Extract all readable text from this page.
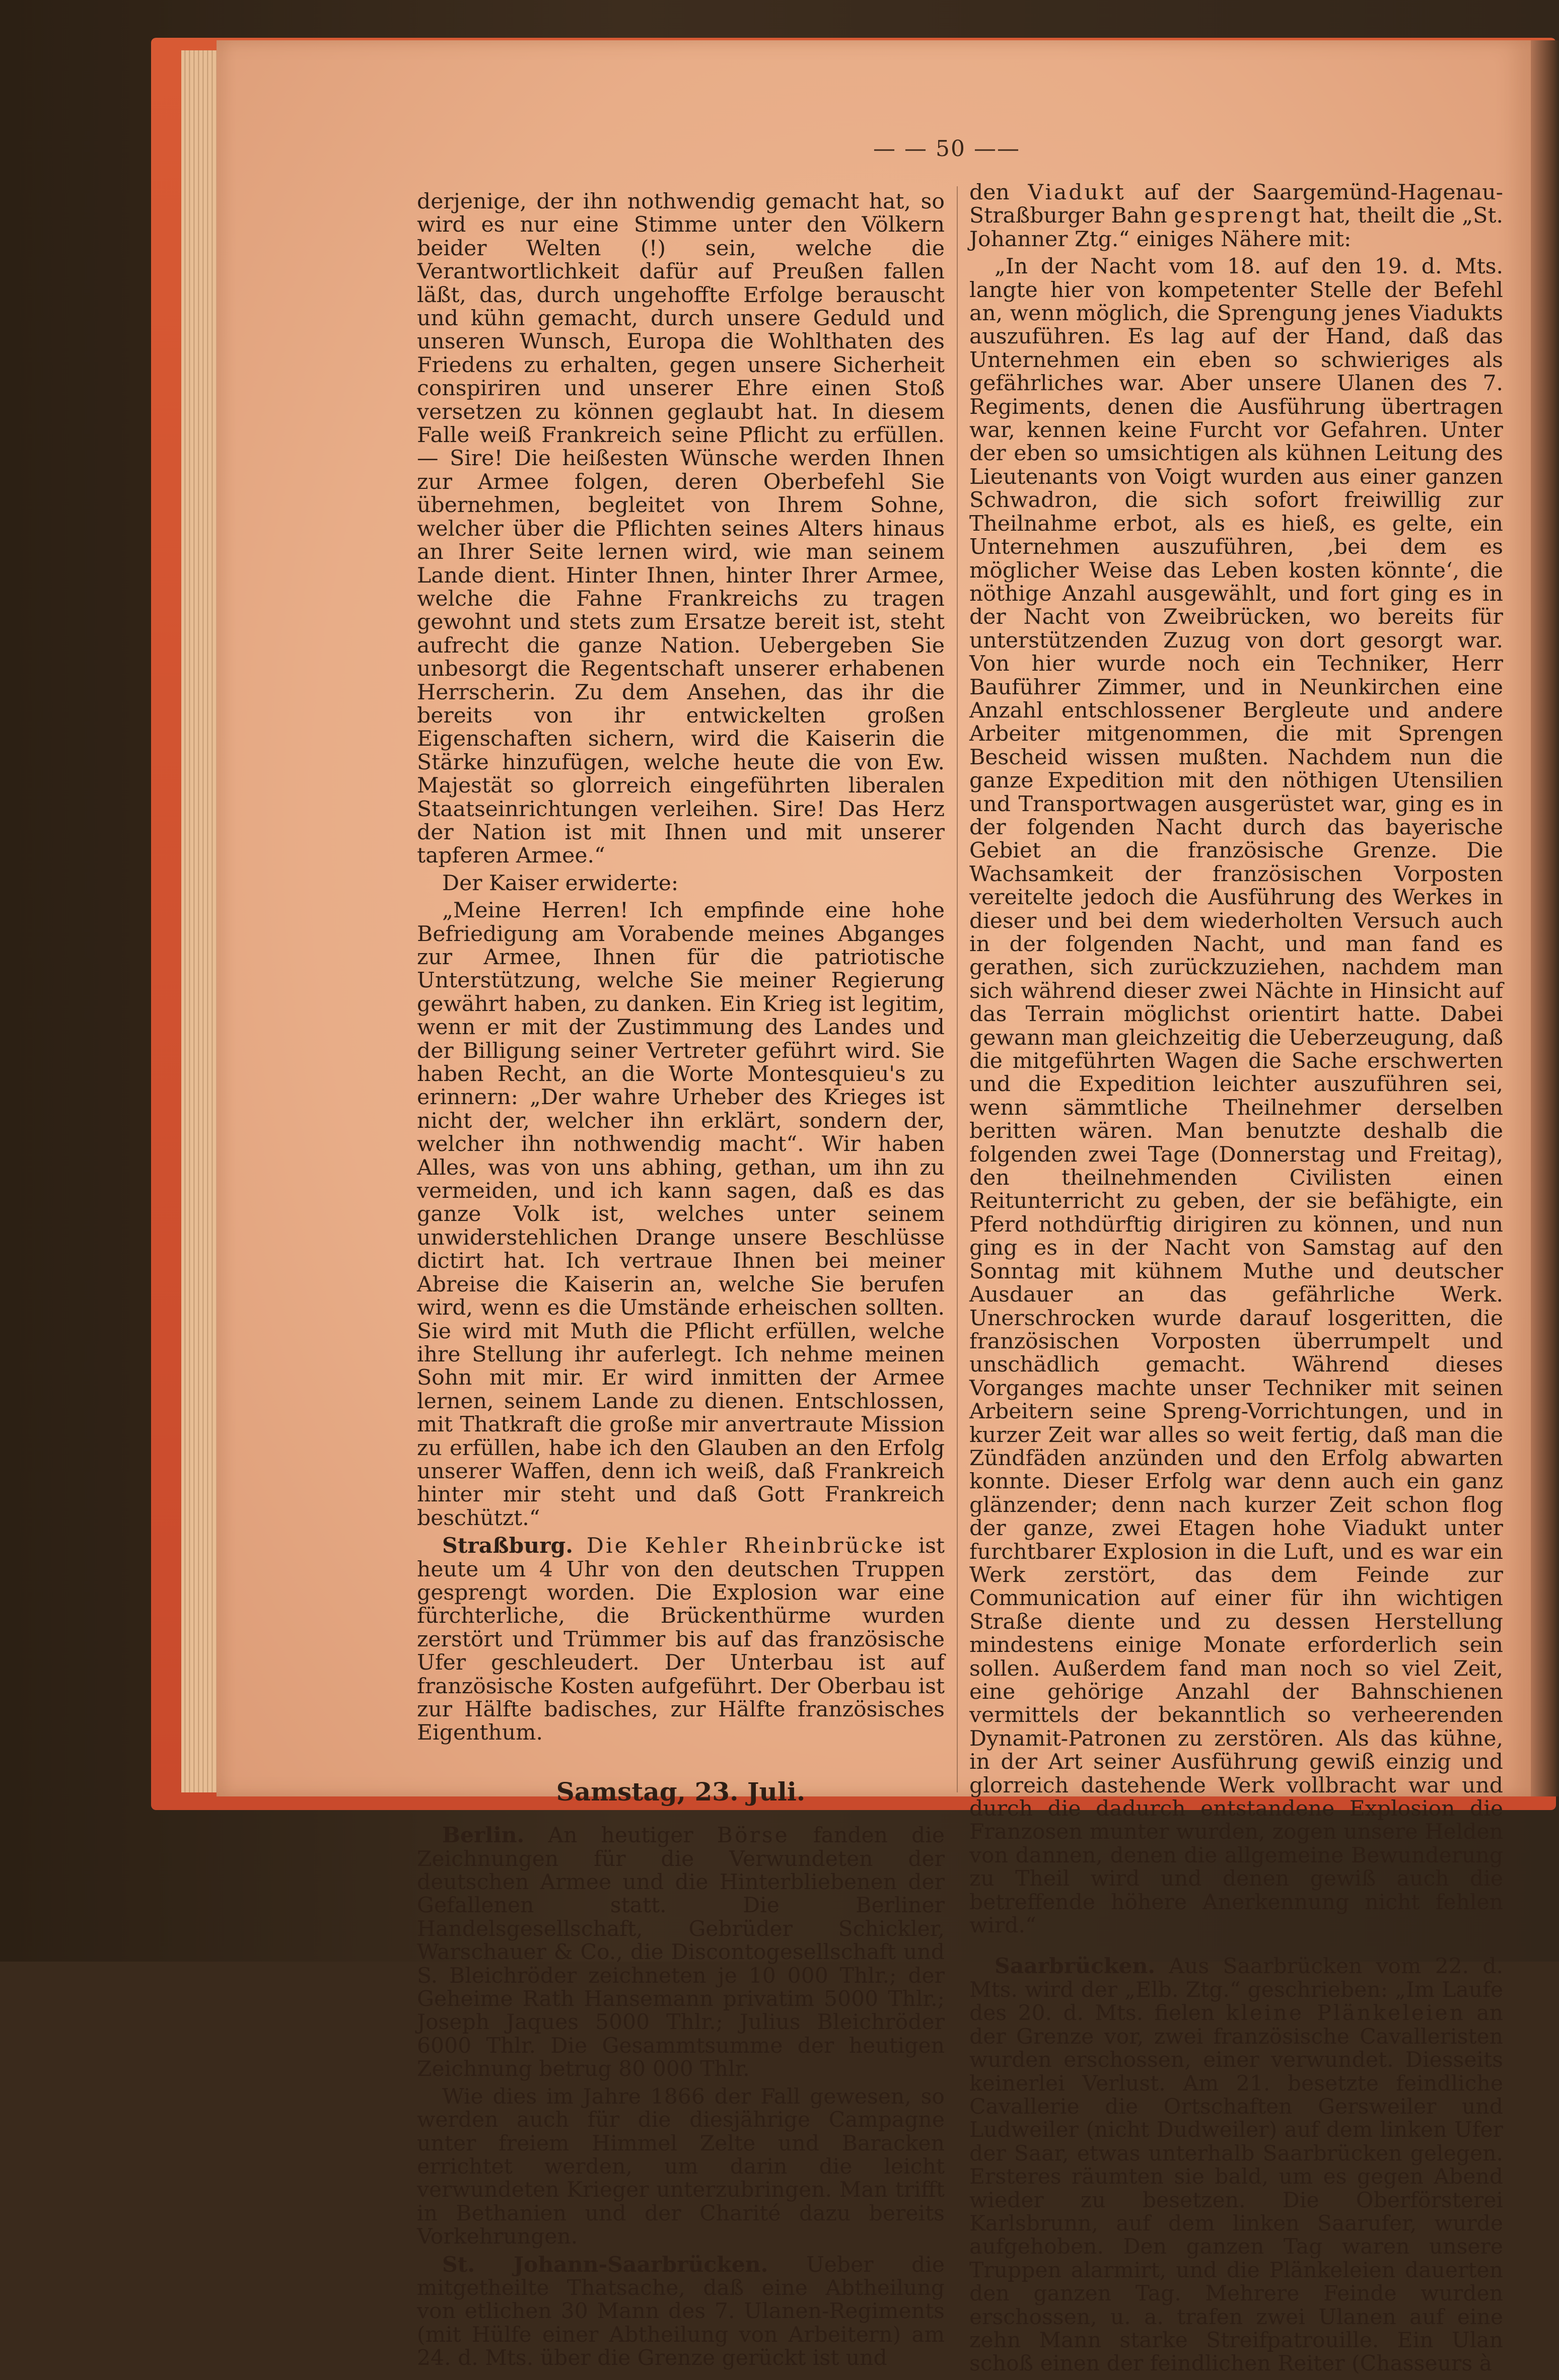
— — 50 ——

derjenige, der ihn nothwendig gemacht hat, so wird es nur eine Stimme unter den Völkern beider Welten (!) sein, welche die Verantwortlichkeit dafür auf Preußen fallen läßt, das, durch ungehoffte Erfolge berauscht und kühn gemacht, durch unsere Geduld und unseren Wunsch, Europa die Wohlthaten des Friedens zu erhalten, gegen unsere Sicherheit conspiriren und unserer Ehre einen Stoß versetzen zu können geglaubt hat. In diesem Falle weiß Frankreich seine Pflicht zu erfüllen. — Sire! Die heißesten Wünsche werden Ihnen zur Armee folgen, deren Oberbefehl Sie übernehmen, begleitet von Ihrem Sohne, welcher über die Pflichten seines Alters hinaus an Ihrer Seite lernen wird, wie man seinem Lande dient. Hinter Ihnen, hinter Ihrer Armee, welche die Fahne Frankreichs zu tragen gewohnt und stets zum Ersatze bereit ist, steht aufrecht die ganze Nation. Uebergeben Sie unbesorgt die Regentschaft unserer erhabenen Herrscherin. Zu dem Ansehen, das ihr die bereits von ihr entwickelten großen Eigenschaften sichern, wird die Kaiserin die Stärke hinzufügen, welche heute die von Ew. Majestät so glorreich eingeführten liberalen Staatseinrichtungen verleihen. Sire! Das Herz der Nation ist mit Ihnen und mit unserer tapferen Armee.“

Der Kaiser erwiderte:

„Meine Herren! Ich empfinde eine hohe Befriedigung am Vorabende meines Abganges zur Armee, Ihnen für die patriotische Unterstützung, welche Sie meiner Regierung gewährt haben, zu danken. Ein Krieg ist legitim, wenn er mit der Zustimmung des Landes und der Billigung seiner Vertreter geführt wird. Sie haben Recht, an die Worte Montesquieu's zu erinnern: „Der wahre Urheber des Krieges ist nicht der, welcher ihn erklärt, sondern der, welcher ihn nothwendig macht“. Wir haben Alles, was von uns abhing, gethan, um ihn zu vermeiden, und ich kann sagen, daß es das ganze Volk ist, welches unter seinem unwiderstehlichen Drange unsere Beschlüsse dictirt hat. Ich vertraue Ihnen bei meiner Abreise die Kaiserin an, welche Sie berufen wird, wenn es die Umstände erheischen sollten. Sie wird mit Muth die Pflicht erfüllen, welche ihre Stellung ihr auferlegt. Ich nehme meinen Sohn mit mir. Er wird inmitten der Armee lernen, seinem Lande zu dienen. Entschlossen, mit Thatkraft die große mir anvertraute Mission zu erfüllen, habe ich den Glauben an den Erfolg unserer Waffen, denn ich weiß, daß Frankreich hinter mir steht und daß Gott Frankreich beschützt.“

Straßburg. Die Kehler Rheinbrücke ist heute um 4 Uhr von den deutschen Truppen gesprengt worden. Die Explosion war eine fürchterliche, die Brückenthürme wurden zerstört und Trümmer bis auf das französische Ufer geschleudert. Der Unterbau ist auf französische Kosten aufgeführt. Der Oberbau ist zur Hälfte badisches, zur Hälfte französisches Eigenthum.

Samstag, 23. Juli.

Berlin. An heutiger Börse fanden die Zeichnungen für die Verwundeten der deutschen Armee und die Hinterbliebenen der Gefallenen statt. Die Berliner Handelsgesellschaft, Gebrüder Schickler, Warschauer & Co., die Discontogesellschaft und S. Bleichröder zeichneten je 10 000 Thlr.; der Geheime Rath Hansemann privatim 5000 Thlr.; Joseph Jaques 5000 Thlr.; Julius Bleichröder 6000 Thlr. Die Gesammtsumme der heutigen Zeichnung betrug 80 000 Thlr.

Wie dies im Jahre 1866 der Fall gewesen, so werden auch für die diesjährige Campagne unter freiem Himmel Zelte und Baracken errichtet werden, um darin die leicht verwundeten Krieger unterzubringen. Man trifft in Bethanien und der Charité dazu bereits Vorkehrungen.

St. Johann-Saarbrücken. Ueber die mitgetheilte Thatsache, daß eine Abtheilung von etlichen 30 Mann des 7. Ulanen-Regiments (mit Hülfe einer Abtheilung von Arbeitern) am 24. d. Mts. über die Grenze gerückt ist und

den Viadukt auf der Saargemünd-Hagenau-Straßburger Bahn gesprengt hat, theilt die „St. Johanner Ztg.“ einiges Nähere mit:

„In der Nacht vom 18. auf den 19. d. Mts. langte hier von kompetenter Stelle der Befehl an, wenn möglich, die Sprengung jenes Viadukts auszuführen. Es lag auf der Hand, daß das Unternehmen ein eben so schwieriges als gefährliches war. Aber unsere Ulanen des 7. Regiments, denen die Ausführung übertragen war, kennen keine Furcht vor Gefahren. Unter der eben so umsichtigen als kühnen Leitung des Lieutenants von Voigt wurden aus einer ganzen Schwadron, die sich sofort freiwillig zur Theilnahme erbot, als es hieß, es gelte, ein Unternehmen auszuführen, ‚bei dem es möglicher Weise das Leben kosten könnte‘, die nöthige Anzahl ausgewählt, und fort ging es in der Nacht von Zweibrücken, wo bereits für unterstützenden Zuzug von dort gesorgt war. Von hier wurde noch ein Techniker, Herr Bauführer Zimmer, und in Neunkirchen eine Anzahl entschlossener Bergleute und andere Arbeiter mitgenommen, die mit Sprengen Bescheid wissen mußten. Nachdem nun die ganze Expedition mit den nöthigen Utensilien und Transportwagen ausgerüstet war, ging es in der folgenden Nacht durch das bayerische Gebiet an die französische Grenze. Die Wachsamkeit der französischen Vorposten vereitelte jedoch die Ausführung des Werkes in dieser und bei dem wiederholten Versuch auch in der folgenden Nacht, und man fand es gerathen, sich zurückzuziehen, nachdem man sich während dieser zwei Nächte in Hinsicht auf das Terrain möglichst orientirt hatte. Dabei gewann man gleichzeitig die Ueberzeugung, daß die mitgeführten Wagen die Sache erschwerten und die Expedition leichter auszuführen sei, wenn sämmtliche Theilnehmer derselben beritten wären. Man benutzte deshalb die folgenden zwei Tage (Donnerstag und Freitag), den theilnehmenden Civilisten einen Reitunterricht zu geben, der sie befähigte, ein Pferd nothdürftig dirigiren zu können, und nun ging es in der Nacht von Samstag auf den Sonntag mit kühnem Muthe und deutscher Ausdauer an das gefährliche Werk. Unerschrocken wurde darauf losgeritten, die französischen Vorposten überrumpelt und unschädlich gemacht. Während dieses Vorganges machte unser Techniker mit seinen Arbeitern seine Spreng-Vorrichtungen, und in kurzer Zeit war alles so weit fertig, daß man die Zündfäden anzünden und den Erfolg abwarten konnte. Dieser Erfolg war denn auch ein ganz glänzender; denn nach kurzer Zeit schon flog der ganze, zwei Etagen hohe Viadukt unter furchtbarer Explosion in die Luft, und es war ein Werk zerstört, das dem Feinde zur Communication auf einer für ihn wichtigen Straße diente und zu dessen Herstellung mindestens einige Monate erforderlich sein sollen. Außerdem fand man noch so viel Zeit, eine gehörige Anzahl der Bahnschienen vermittels der bekanntlich so verheerenden Dynamit-Patronen zu zerstören. Als das kühne, in der Art seiner Ausführung gewiß einzig und glorreich dastehende Werk vollbracht war und durch die dadurch entstandene Explosion die Franzosen munter wurden, zogen unsere Helden von dannen, denen die allgemeine Bewunderung zu Theil wird und denen gewiß auch die betreffende höhere Anerkennung nicht fehlen wird.“

Saarbrücken. Aus Saarbrücken vom 22. d. Mts. wird der „Elb. Ztg.“ geschrieben: „Im Laufe des 20. d. Mts. fielen kleine Plänkeleien an der Grenze vor, zwei französische Cavalleristen wurden erschossen, einer verwundet. Diesseits keinerlei Verlust. Am 21. besetzte feindliche Cavallerie die Ortschaften Gersweiler und Ludweiler (nicht Dudweiler) auf dem linken Ufer der Saar, etwas unterhalb Saarbrücken gelegen. Ersteres räumten sie bald, um es gegen Abend wieder zu besetzen. Die Oberförsterei Karlsbrunn, auf dem linken Saarufer, wurde aufgehoben. Den ganzen Tag waren unsere Truppen alarmirt, und die Plänkeleien dauerten den ganzen Tag. Mehrere Feinde wurden erschossen, u. a. trafen zwei Ulanen auf eine zehn Mann starke Streifpatrouille. Ein Ulan schoß einen der feindlichen Reiter (Chasseurs à
